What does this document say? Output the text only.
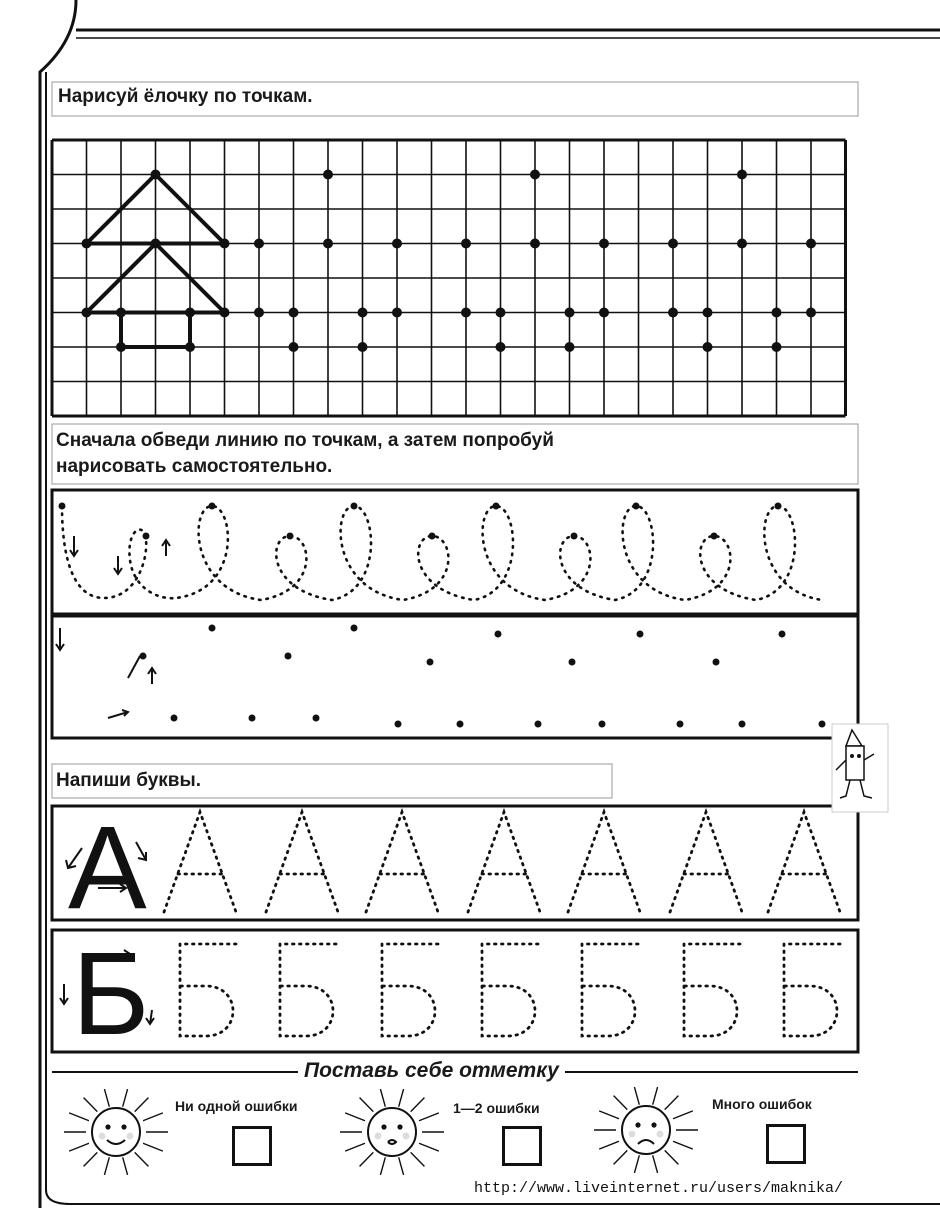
А
Б
Нарисуй ёлочку по точкам.
Сначала обведи линию по точкам, а затем попробуй
нарисовать самостоятельно.
Напиши буквы.
Поставь себе отметку
Ни одной ошибки	1—2 ошибки	Много ошибок
http://www.liveinternet.ru/users/maknika/
